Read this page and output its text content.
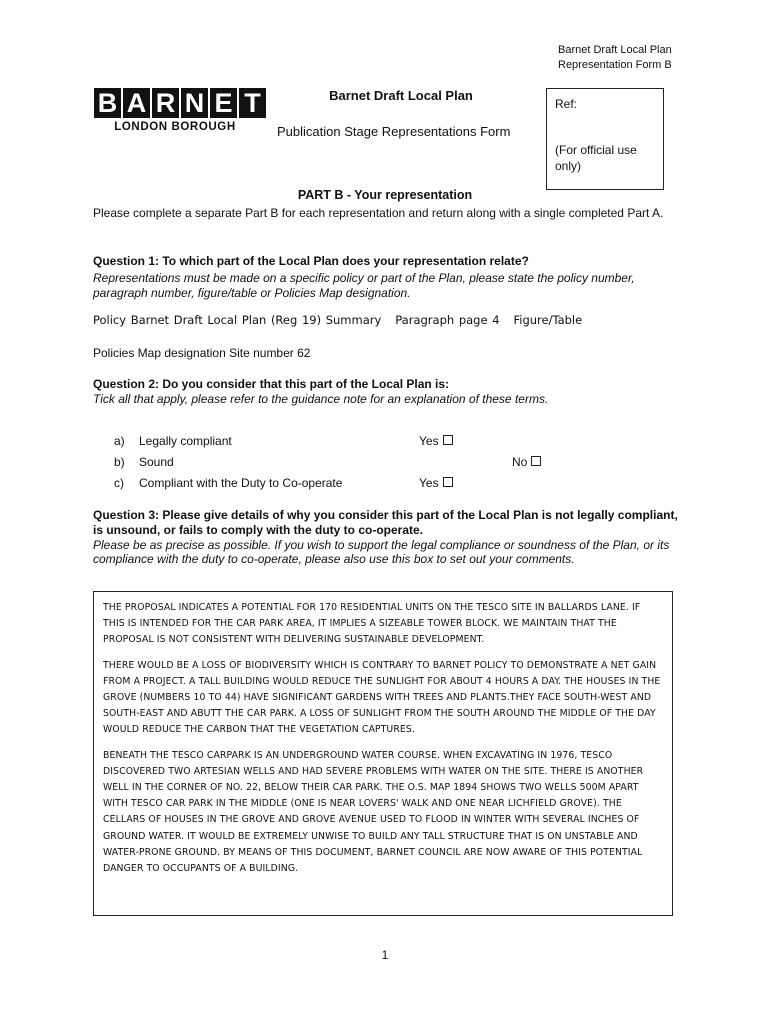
Barnet Draft Local Plan
Representation Form B
B A R N E T
LONDON BOROUGH
Barnet Draft Local Plan
Publication Stage Representations Form
Ref:
(For official use only)
PART B - Your representation
Please complete a separate Part B for each representation and return along with a single completed Part A.
Question 1: To which part of the Local Plan does your representation relate?
Representations must be made on a specific policy or part of the Plan, please state the policy number, paragraph number, figure/table or Policies Map designation.
Policy Barnet Draft Local Plan (Reg 19) Summary   Paragraph page 4   Figure/Table
Policies Map designation Site number 62
Question 2: Do you consider that this part of the Local Plan is:
Tick all that apply, please refer to the guidance note for an explanation of these terms.
a) Legally compliant	Yes
b) Sound	No
c) Compliant with the Duty to Co-operate	Yes
Question 3: Please give details of why you consider this part of the Local Plan is not legally compliant, is unsound, or fails to comply with the duty to co-operate.
Please be as precise as possible. If you wish to support the legal compliance or soundness of the Plan, or its compliance with the duty to co-operate, please also use this box to set out your comments.

THE PROPOSAL INDICATES A POTENTIAL FOR 170 RESIDENTIAL UNITS ON THE TESCO SITE IN BALLARDS LANE. IF THIS IS INTENDED FOR THE CAR PARK AREA, IT IMPLIES A SIZEABLE TOWER BLOCK. WE MAINTAIN THAT THE PROPOSAL IS NOT CONSISTENT WITH DELIVERING SUSTAINABLE DEVELOPMENT.

THERE WOULD BE A LOSS OF BIODIVERSITY WHICH IS CONTRARY TO BARNET POLICY TO DEMONSTRATE A NET GAIN FROM A PROJECT. A TALL BUILDING WOULD REDUCE THE SUNLIGHT FOR ABOUT 4 HOURS A DAY. THE HOUSES IN THE GROVE (NUMBERS 10 TO 44) HAVE SIGNIFICANT GARDENS WITH TREES AND PLANTS.THEY FACE SOUTH-WEST AND SOUTH-EAST AND ABUTT THE CAR PARK. A LOSS OF SUNLIGHT FROM THE SOUTH AROUND THE MIDDLE OF THE DAY WOULD REDUCE THE CARBON THAT THE VEGETATION CAPTURES.

BENEATH THE TESCO CARPARK IS AN UNDERGROUND WATER COURSE. WHEN EXCAVATING IN 1976, TESCO DISCOVERED TWO ARTESIAN WELLS AND HAD SEVERE PROBLEMS WITH WATER ON THE SITE. THERE IS ANOTHER WELL IN THE CORNER OF NO. 22, BELOW THEIR CAR PARK. THE O.S. MAP 1894 SHOWS TWO WELLS 500M APART WITH TESCO CAR PARK IN THE MIDDLE (ONE IS NEAR LOVERS' WALK AND ONE NEAR LICHFIELD GROVE). THE CELLARS OF HOUSES IN THE GROVE AND GROVE AVENUE USED TO FLOOD IN WINTER WITH SEVERAL INCHES OF GROUND WATER. IT WOULD BE EXTREMELY UNWISE TO BUILD ANY TALL STRUCTURE THAT IS ON UNSTABLE AND WATER-PRONE GROUND. BY MEANS OF THIS DOCUMENT, BARNET COUNCIL ARE NOW AWARE OF THIS POTENTIAL DANGER TO OCCUPANTS OF A BUILDING.

1
